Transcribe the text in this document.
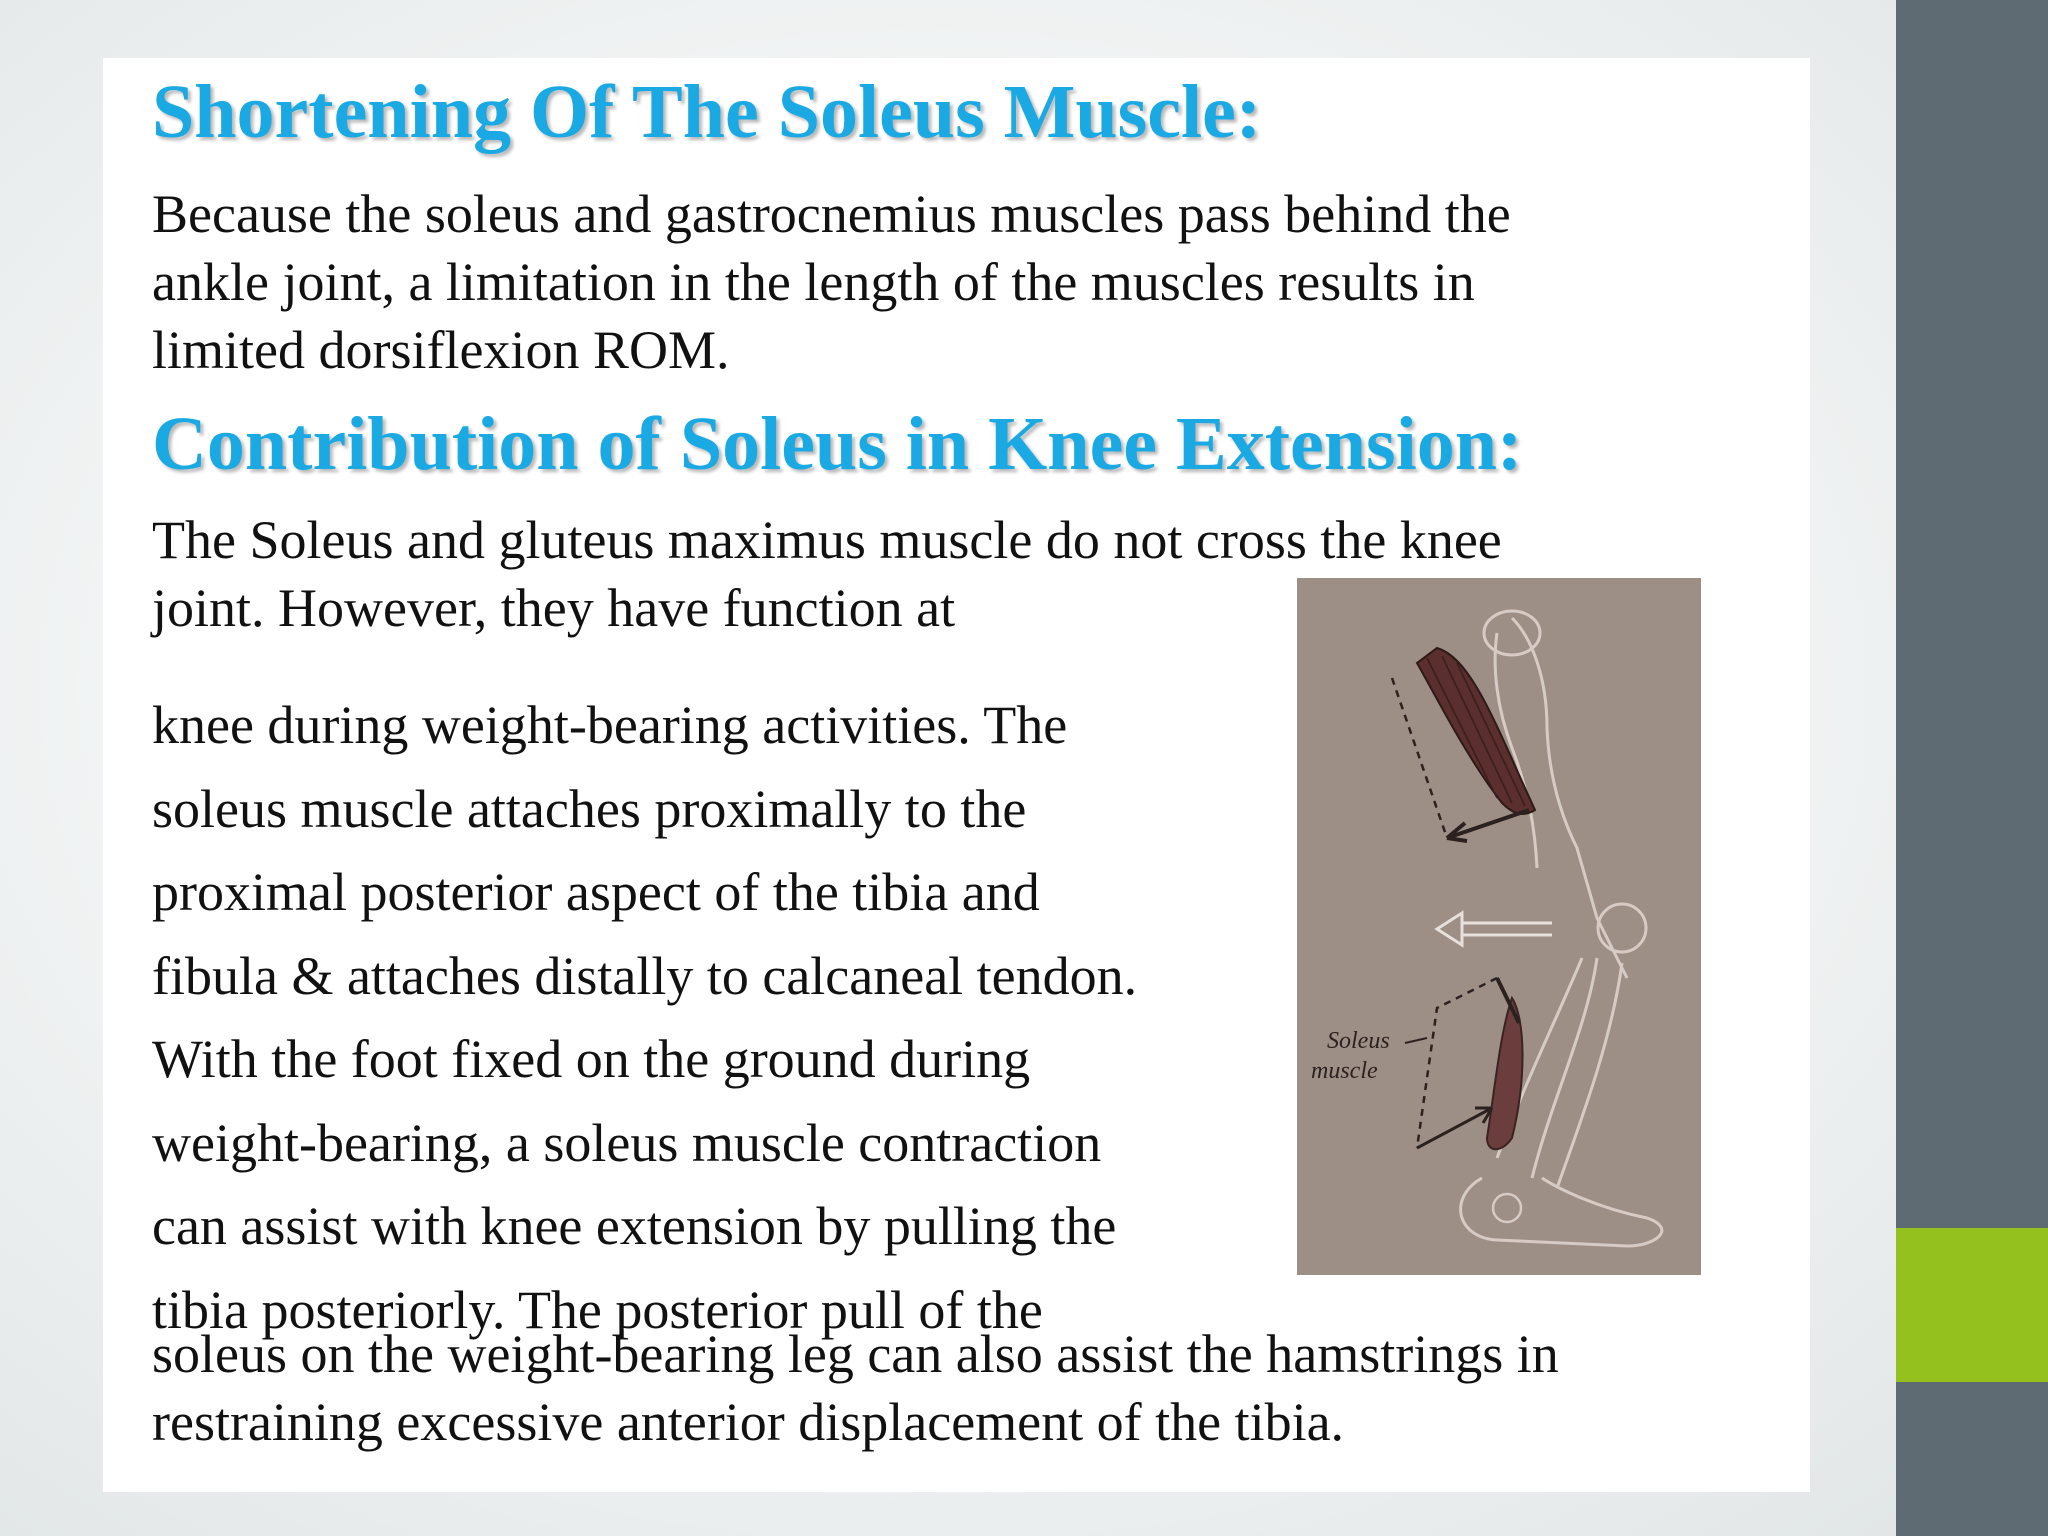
Shortening Of The Soleus Muscle:

Because the soleus and gastrocnemius muscles pass behind the
ankle joint, a limitation in the length of the muscles results in
limited dorsiflexion ROM.

Contribution of Soleus in Knee Extension:

The Soleus and gluteus maximus muscle do not cross the knee
joint. However, they have function at

knee during weight-bearing activities. The
soleus muscle attaches proximally to the
proximal posterior aspect of the tibia and
fibula & attaches distally to calcaneal tendon.
With the foot fixed on the ground during
weight-bearing, a soleus muscle contraction
can assist with knee extension by pulling the
tibia posteriorly. The posterior pull of the

soleus on the weight-bearing leg can also assist the hamstrings in
restraining excessive anterior displacement of the tibia.

Soleus
muscle
